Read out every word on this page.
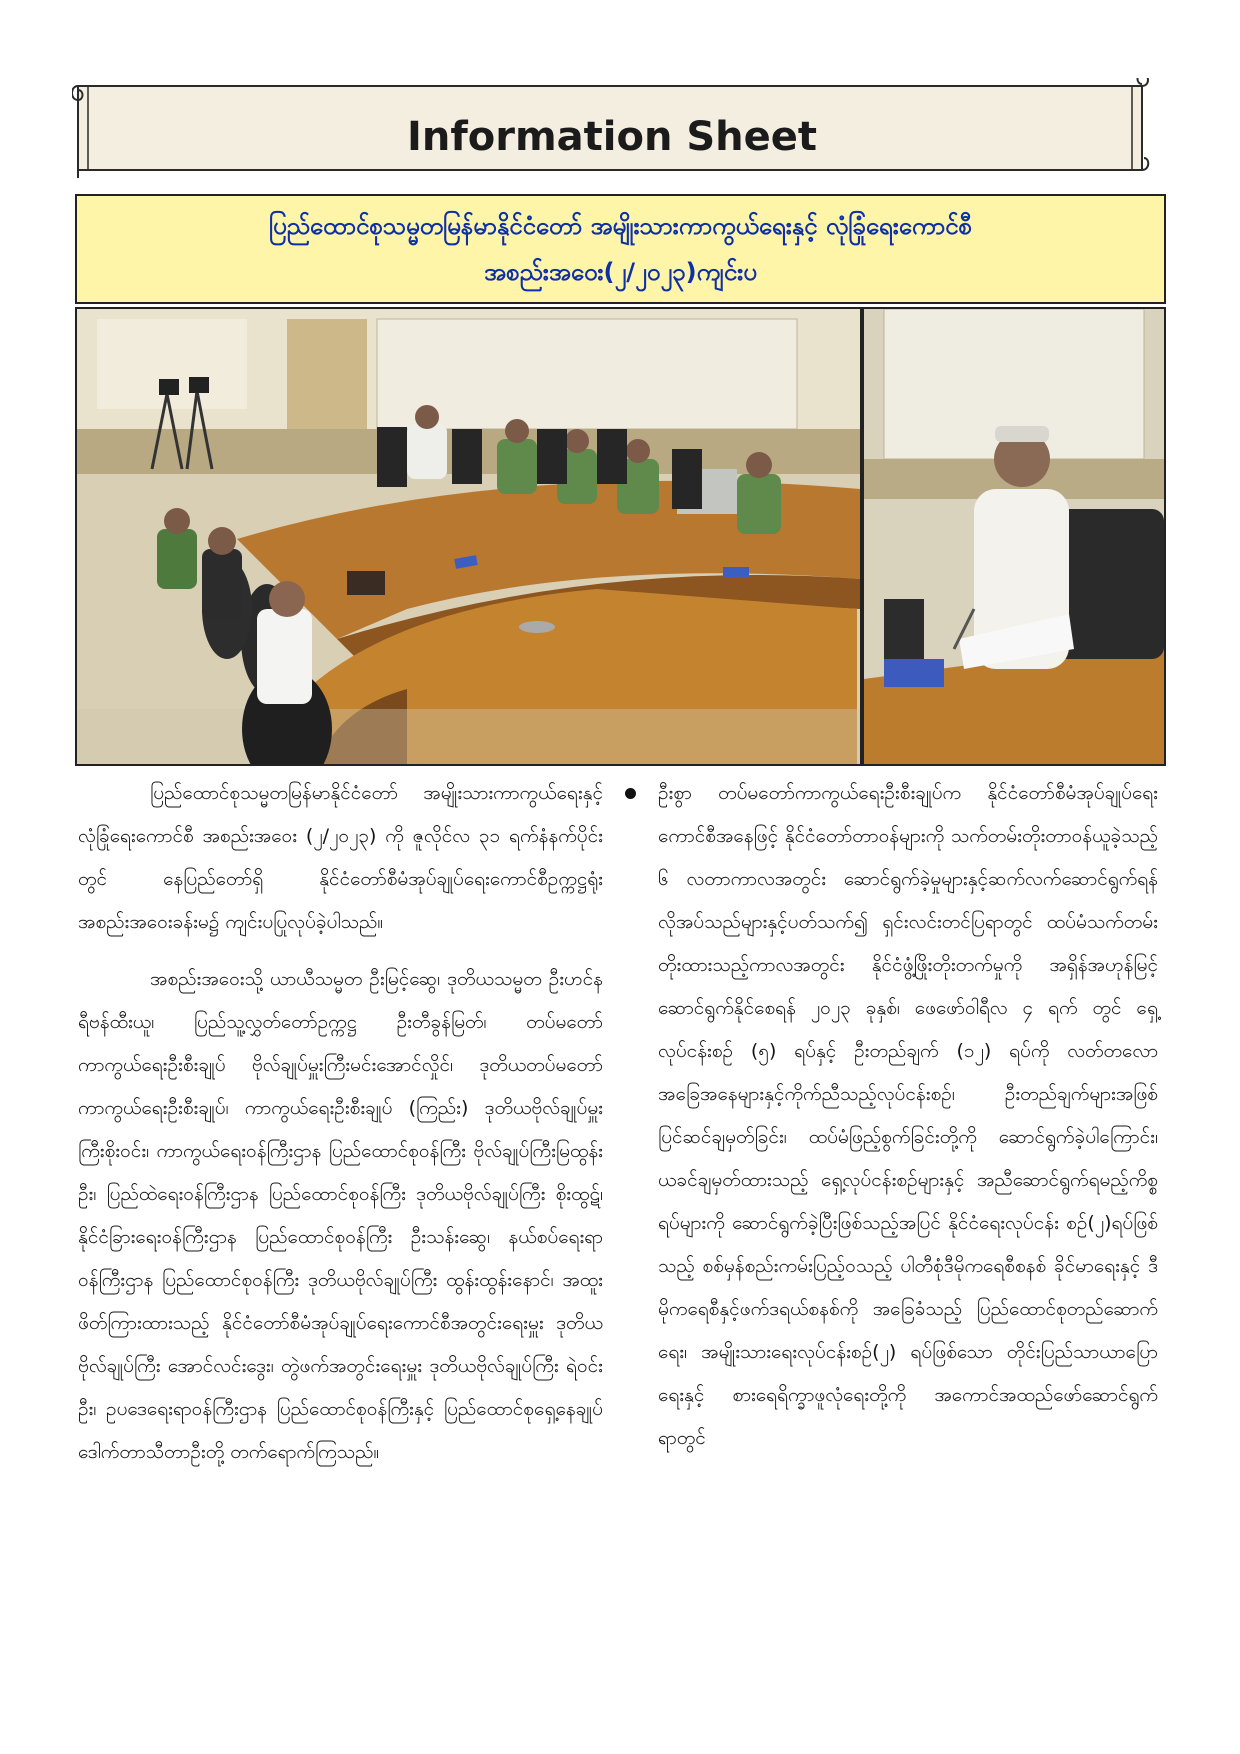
Information Sheet
ပြည်ထောင်စုသမ္မတမြန်မာနိုင်ငံတော် အမျိုးသားကာကွယ်ရေးနှင့် လုံခြုံရေးကောင်စီ
အစည်းအဝေး(၂/၂၀၂၃)ကျင်းပ

ပြည်ထောင်စုသမ္မတမြန်မာနိုင်ငံတော် အမျိုးသားကာကွယ်ရေးနှင့် လုံခြုံရေးကောင်စီ အစည်းအဝေး (၂/၂၀၂၃) ကို ဇူလိုင်လ ၃၁ ရက်နံနက်ပိုင်းတွင် နေပြည်တော်ရှိ နိုင်ငံတော်စီမံအုပ်ချုပ်ရေးကောင်စီဥက္ကဋ္ဌရုံး အစည်းအဝေးခန်းမ၌ ကျင်းပပြုလုပ်ခဲ့ပါသည်။

အစည်းအဝေးသို့ ယာယီသမ္မတ ဦးမြင့်ဆွေ၊ ဒုတိယသမ္မတ ဦးဟင်နရီဗန်ထီးယူ၊ ပြည်သူ့လွှတ်တော်ဥက္ကဋ္ဌ ဦးတီခွန်မြတ်၊ တပ်မတော်ကာကွယ်ရေးဦးစီးချုပ် ဗိုလ်ချုပ်မှူးကြီးမင်းအောင်လှိုင်၊ ဒုတိယတပ်မတော်ကာကွယ်ရေးဦးစီးချုပ်၊ ကာကွယ်ရေးဦးစီးချုပ် (ကြည်း) ဒုတိယဗိုလ်ချုပ်မှူးကြီးစိုးဝင်း၊ ကာကွယ်ရေးဝန်ကြီးဌာန ပြည်ထောင်စုဝန်ကြီး ဗိုလ်ချုပ်ကြီးမြထွန်းဦး၊ ပြည်ထဲရေးဝန်ကြီးဌာန ပြည်ထောင်စုဝန်ကြီး ဒုတိယဗိုလ်ချုပ်ကြီး စိုးထွဋ်၊ နိုင်ငံခြားရေးဝန်ကြီးဌာန ပြည်ထောင်စုဝန်ကြီး ဦးသန်းဆွေ၊ နယ်စပ်ရေးရာဝန်ကြီးဌာန ပြည်ထောင်စုဝန်ကြီး ဒုတိယဗိုလ်ချုပ်ကြီး ထွန်းထွန်းနောင်၊ အထူးဖိတ်ကြားထားသည့် နိုင်ငံတော်စီမံအုပ်ချုပ်ရေးကောင်စီအတွင်းရေးမှူး ဒုတိယဗိုလ်ချုပ်ကြီး အောင်လင်းဒွေး၊ တွဲဖက်အတွင်းရေးမှူး ဒုတိယဗိုလ်ချုပ်ကြီး ရဲဝင်းဦး၊ ဥပဒေရေးရာဝန်ကြီးဌာန ပြည်ထောင်စုဝန်ကြီးနှင့် ပြည်ထောင်စုရှေ့နေချုပ် ဒေါက်တာသီတာဦးတို့ တက်ရောက်ကြသည်။

ဦးစွာ တပ်မတော်ကာကွယ်ရေးဦးစီးချုပ်က နိုင်ငံတော်စီမံအုပ်ချုပ်ရေးကောင်စီအနေဖြင့် နိုင်ငံတော်တာဝန်များကို သက်တမ်းတိုးတာဝန်ယူခဲ့သည့် ၆ လတာကာလအတွင်း ဆောင်ရွက်ခဲ့မှုများနှင့်ဆက်လက်ဆောင်ရွက်ရန် လိုအပ်သည်များနှင့်ပတ်သက်၍ ရှင်းလင်းတင်ပြရာတွင် ထပ်မံသက်တမ်းတိုးထားသည့်ကာလအတွင်း နိုင်ငံဖွံ့ဖြိုးတိုးတက်မှုကို အရှိန်အဟုန်မြင့်ဆောင်ရွက်နိုင်စေရန် ၂၀၂၃ ခုနှစ်၊ ဖေဖော်ဝါရီလ ၄ ရက် တွင် ရှေ့လုပ်ငန်းစဉ် (၅) ရပ်နှင့် ဦးတည်ချက် (၁၂) ရပ်ကို လတ်တလော အခြေအနေများနှင့်ကိုက်ညီသည့်လုပ်ငန်းစဉ်၊ ဦးတည်ချက်များအဖြစ် ပြင်ဆင်ချမှတ်ခြင်း၊ ထပ်မံဖြည့်စွက်ခြင်းတို့ကို ဆောင်ရွက်ခဲ့ပါကြောင်း၊ ယခင်ချမှတ်ထားသည့် ရှေ့လုပ်ငန်းစဉ်များနှင့် အညီဆောင်ရွက်ရမည့်ကိစ္စရပ်များကို ဆောင်ရွက်ခဲ့ပြီးဖြစ်သည့်အပြင် နိုင်ငံရေးလုပ်ငန်း စဉ်(၂)ရပ်ဖြစ်သည့် စစ်မှန်စည်းကမ်းပြည့်ဝသည့် ပါတီစုံဒီမိုကရေစီစနစ် ခိုင်မာရေးနှင့် ဒီမိုကရေစီနှင့်ဖက်ဒရယ်စနစ်ကို အခြေခံသည့် ပြည်ထောင်စုတည်ဆောက်ရေး၊ အမျိုးသားရေးလုပ်ငန်းစဉ်(၂) ရပ်ဖြစ်သော တိုင်းပြည်သာယာပြောရေးနှင့် စားရေရိက္ခာဖူလုံရေးတို့ကို အကောင်အထည်ဖော်ဆောင်ရွက်ရာတွင်
